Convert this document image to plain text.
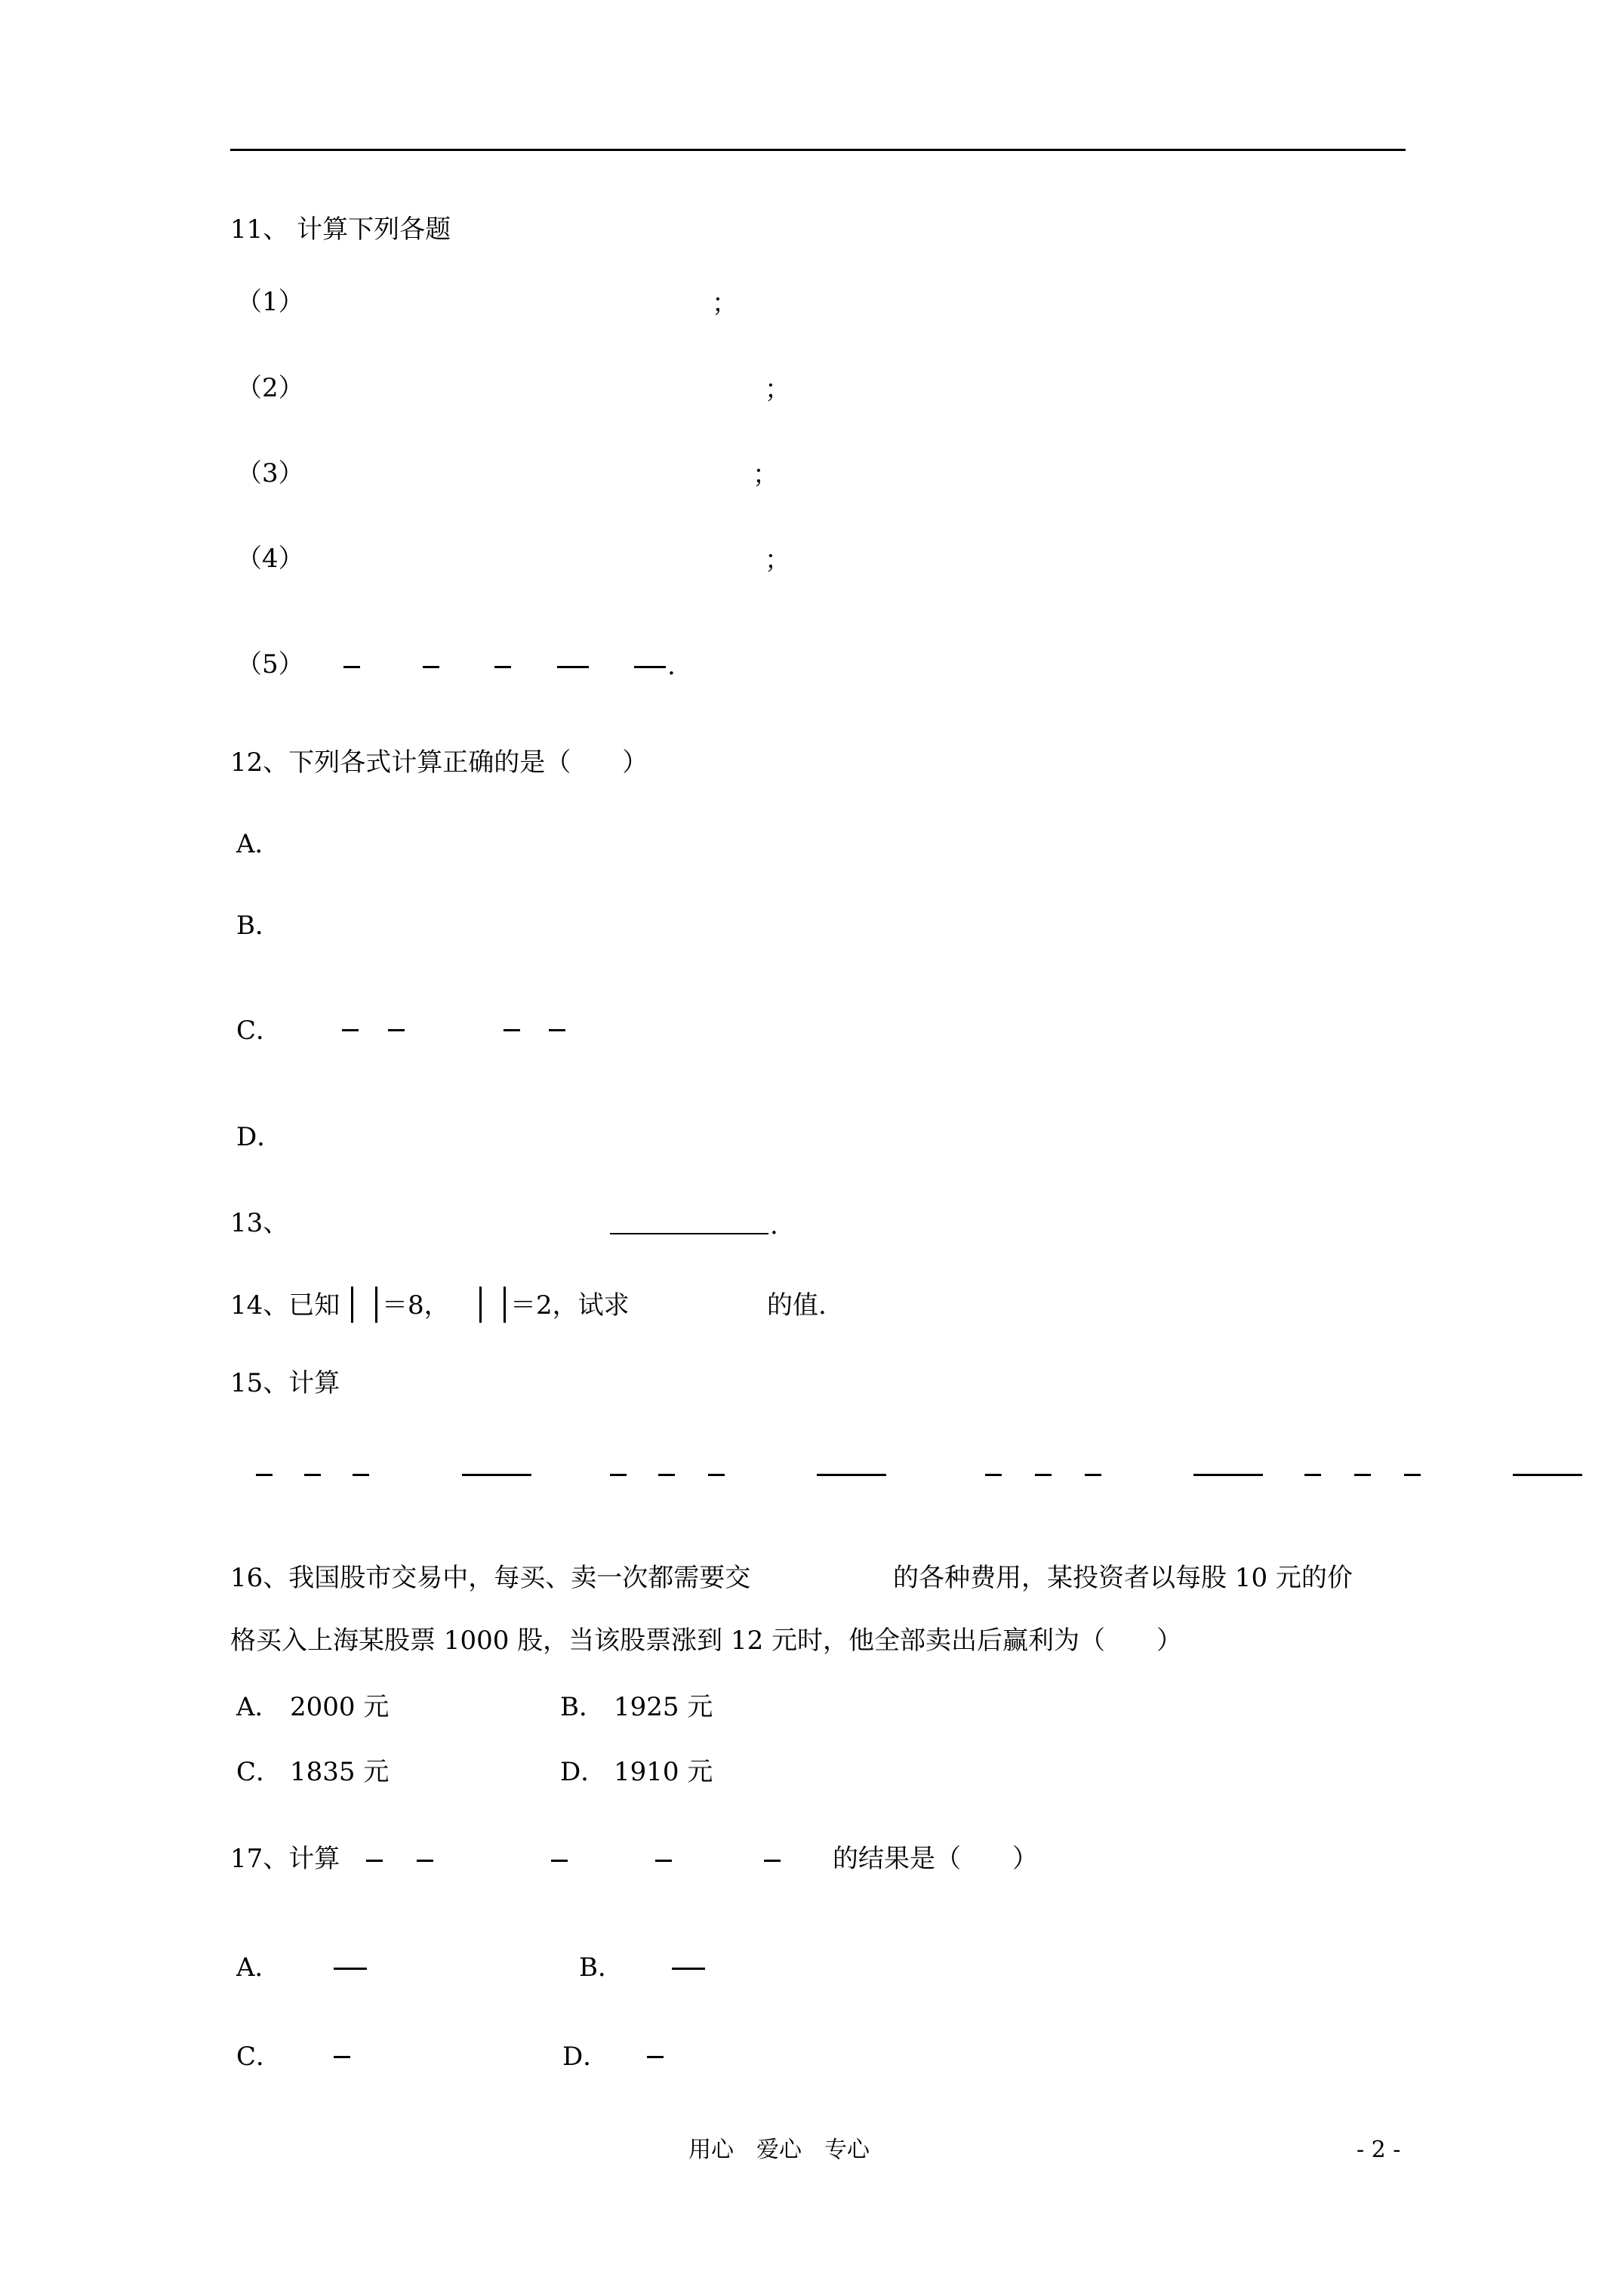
11、 计算下列各题
（1）	；
（2）	；
（3）	；
（4）	；
（5）	.
12、下列各式计算正确的是（　　）
A．
B．
C．
D．
13、	.
14、已知 ＝8， ＝2，试求	的值.
15、计算
16、我国股市交易中，每买、卖一次都需要交	的各种费用，某投资者以每股 10 元的价
格买入上海某股票 1000 股，当该股票涨到 12 元时，他全部卖出后赢利为（　　）
A． 2000 元	B． 1925 元
C． 1835 元	D． 1910 元
17、计算	的结果是（　　）
A．	B．
C．	D．
用心　爱心　专心	- 2 -
